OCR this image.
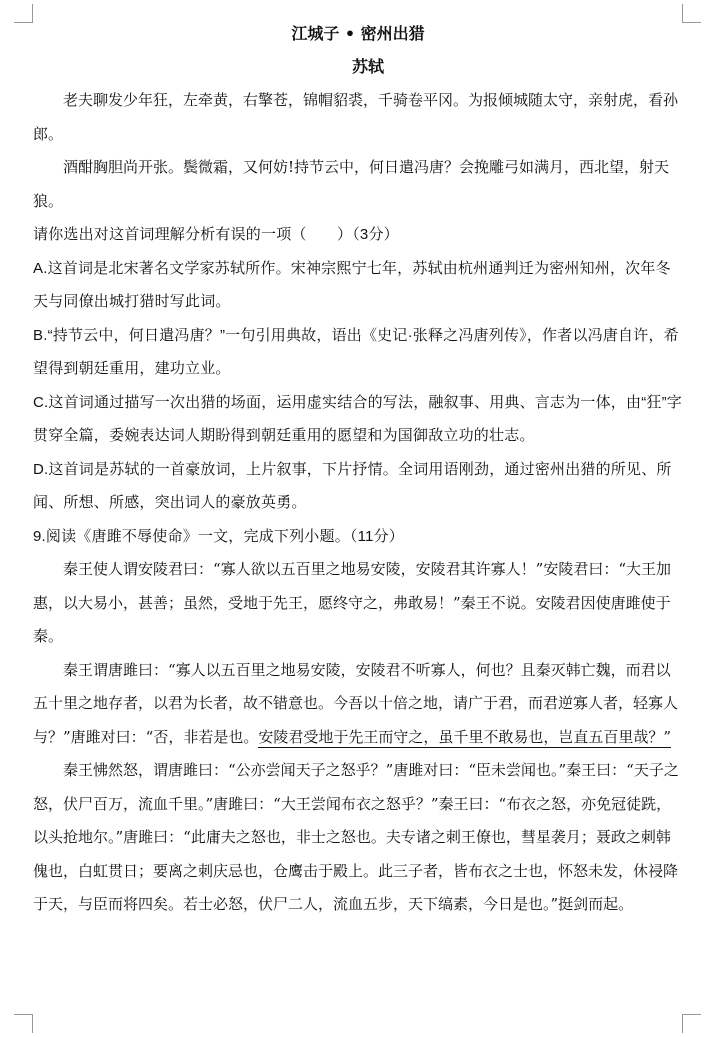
江城子 • 密州出猎
苏轼

老夫聊发少年狂，左牵黄，右擎苍，锦帽貂裘，千骑卷平冈。为报倾城随太守，亲射虎，看孙郎。

酒酣胸胆尚开张。鬓微霜，又何妨!持节云中，何日遣冯唐？会挽雕弓如满月，西北望，射天狼。

请你选出对这首词理解分析有误的一项（　　）（3分）

A.这首词是北宋著名文学家苏轼所作。宋神宗熙宁七年，苏轼由杭州通判迁为密州知州，次年冬天与同僚出城打猎时写此词。

B.“持节云中，何日遣冯唐？”一句引用典故，语出《史记·张释之冯唐列传》，作者以冯唐自许，希望得到朝廷重用，建功立业。

C.这首词通过描写一次出猎的场面，运用虚实结合的写法，融叙事、用典、言志为一体，由“狂”字贯穿全篇，委婉表达词人期盼得到朝廷重用的愿望和为国御敌立功的壮志。

D.这首词是苏轼的一首豪放词，上片叙事，下片抒情。全词用语刚劲，通过密州出猎的所见、所闻、所想、所感，突出词人的豪放英勇。

9.阅读《唐雎不辱使命》一文，完成下列小题。（11分）

秦王使人谓安陵君曰：“寡人欲以五百里之地易安陵，安陵君其许寡人！”安陵君曰：“大王加惠，以大易小，甚善；虽然，受地于先王，愿终守之，弗敢易！”秦王不说。安陵君因使唐雎使于秦。

秦王谓唐雎曰：“寡人以五百里之地易安陵，安陵君不听寡人，何也？且秦灭韩亡魏，而君以五十里之地存者，以君为长者，故不错意也。今吾以十倍之地，请广于君，而君逆寡人者，轻寡人与？”唐雎对曰：“否，非若是也。安陵君受地于先王而守之，虽千里不敢易也，岂直五百里哉？”

秦王怫然怒，谓唐雎曰：“公亦尝闻天子之怒乎？”唐雎对曰：“臣未尝闻也。”秦王曰：“天子之怒，伏尸百万，流血千里。”唐雎曰：“大王尝闻布衣之怒乎？”秦王曰：“布衣之怒，亦免冠徒跣，以头抢地尔。”唐雎曰：“此庸夫之怒也，非士之怒也。夫专诸之刺王僚也，彗星袭月；聂政之刺韩傀也，白虹贯日；要离之刺庆忌也，仓鹰击于殿上。此三子者，皆布衣之士也，怀怒未发，休祲降于天，与臣而将四矣。若士必怒，伏尸二人，流血五步，天下缟素，今日是也。”挺剑而起。
